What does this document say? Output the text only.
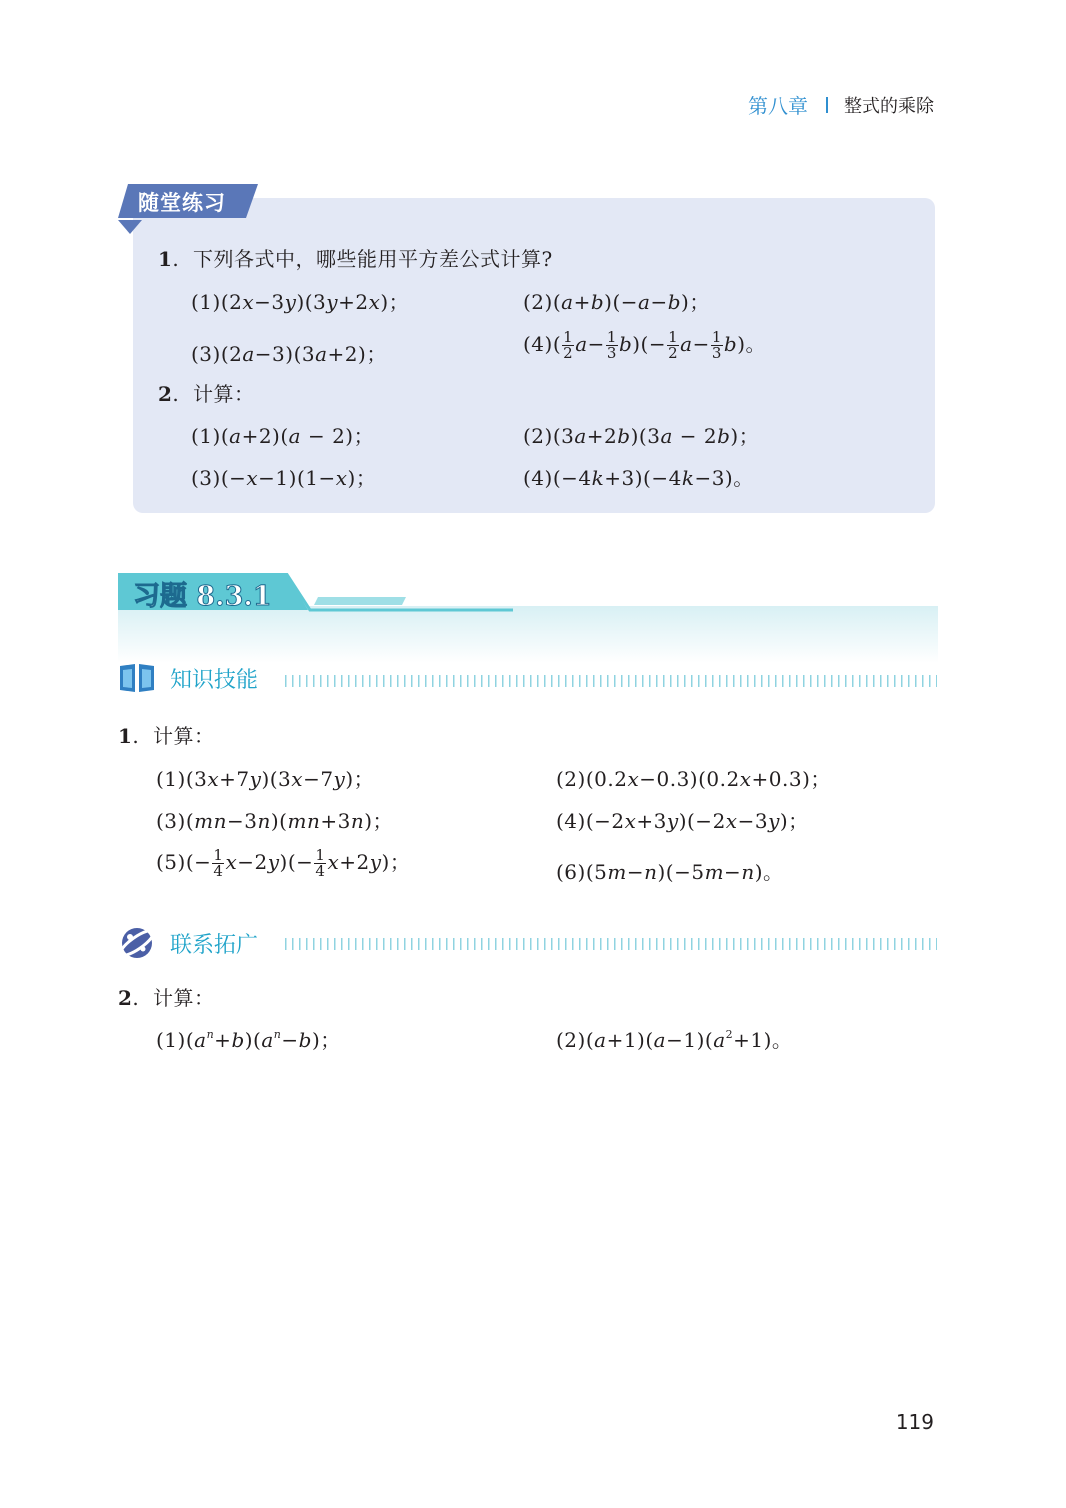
第八章 整式的乘除
随堂练习
1.  下列各式中，哪些能用平方差公式计算?
(1)(2x−3y)(3y+2x)；	(2)(a+b)(−a−b)；
(3)(2a−3)(3a+2)；	$(4)( \frac{1}{2} a- \frac{1}{3} b)(- \frac{1}{2} a- \frac{1}{3} b)$。
2.  计算：
(1)(a+2)(a − 2)；	(2)(3a+2b)(3a − 2b)；
(3)(−x−1)(1−x)；	(4)(−4k+3)(−4k−3)。
习题 8.3.1
知识技能
1.  计算：
(1)(3x+7y)(3x−7y)；	(2)(0.2x−0.3)(0.2x+0.3)；
(3)(mn−3n)(mn+3n)；	(4)(−2x+3y)(−2x−3y)；
$(5)(- \frac{1}{4} x-2y)(- \frac{1}{4} x+2y)$；	(6)(5m−n)(−5m−n)。
联系拓广
2.  计算：
$(1)(a^n+b)(a^n-b)$；	$(2)(a+1)(a-1)(a^2+1)$。
119
